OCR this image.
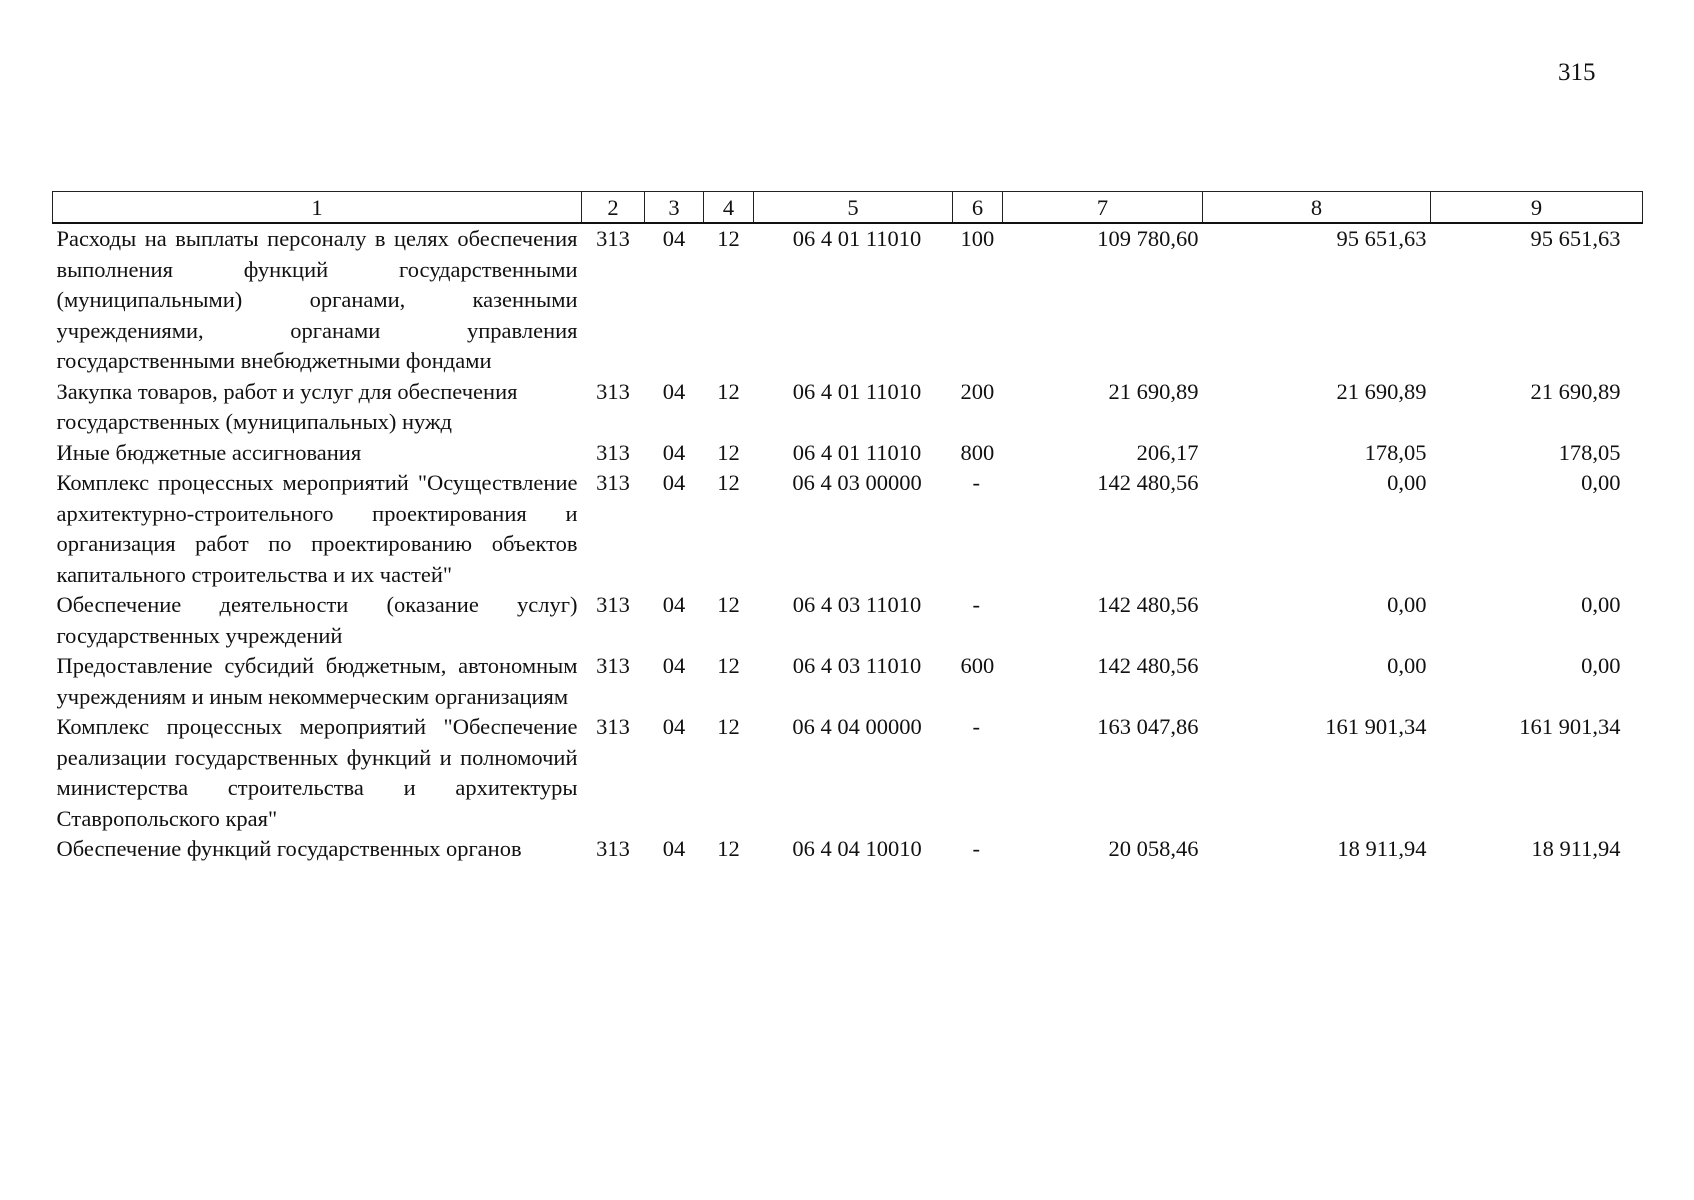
315
1	2	3	4	5	6	7	8	9
Расходы на выплаты персоналу в целях обеспечения выполнения функций государственными (муниципальными) органами, казенными учреждениями, органами управления государственными внебюджетными фондами	313	04	12	06 4 01 11010	100	109 780,60	95 651,63	95 651,63
Закупка товаров, работ и услуг для обеспечения государственных (муниципальных) нужд	313	04	12	06 4 01 11010	200	21 690,89	21 690,89	21 690,89
Иные бюджетные ассигнования	313	04	12	06 4 01 11010	800	206,17	178,05	178,05
Комплекс процессных мероприятий "Осуществление архитектурно-строительного проектирования и организация работ по проектированию объектов капитального строительства и их частей"	313	04	12	06 4 03 00000	-	142 480,56	0,00	0,00
Обеспечение деятельности (оказание услуг) государственных учреждений	313	04	12	06 4 03 11010	-	142 480,56	0,00	0,00
Предоставление субсидий бюджетным, автономным учреждениям и иным некоммерческим организациям	313	04	12	06 4 03 11010	600	142 480,56	0,00	0,00
Комплекс процессных мероприятий "Обеспечение реализации государственных функций и полномочий министерства строительства и архитектуры Ставропольского края"	313	04	12	06 4 04 00000	-	163 047,86	161 901,34	161 901,34
Обеспечение функций государственных органов	313	04	12	06 4 04 10010	-	20 058,46	18 911,94	18 911,94
